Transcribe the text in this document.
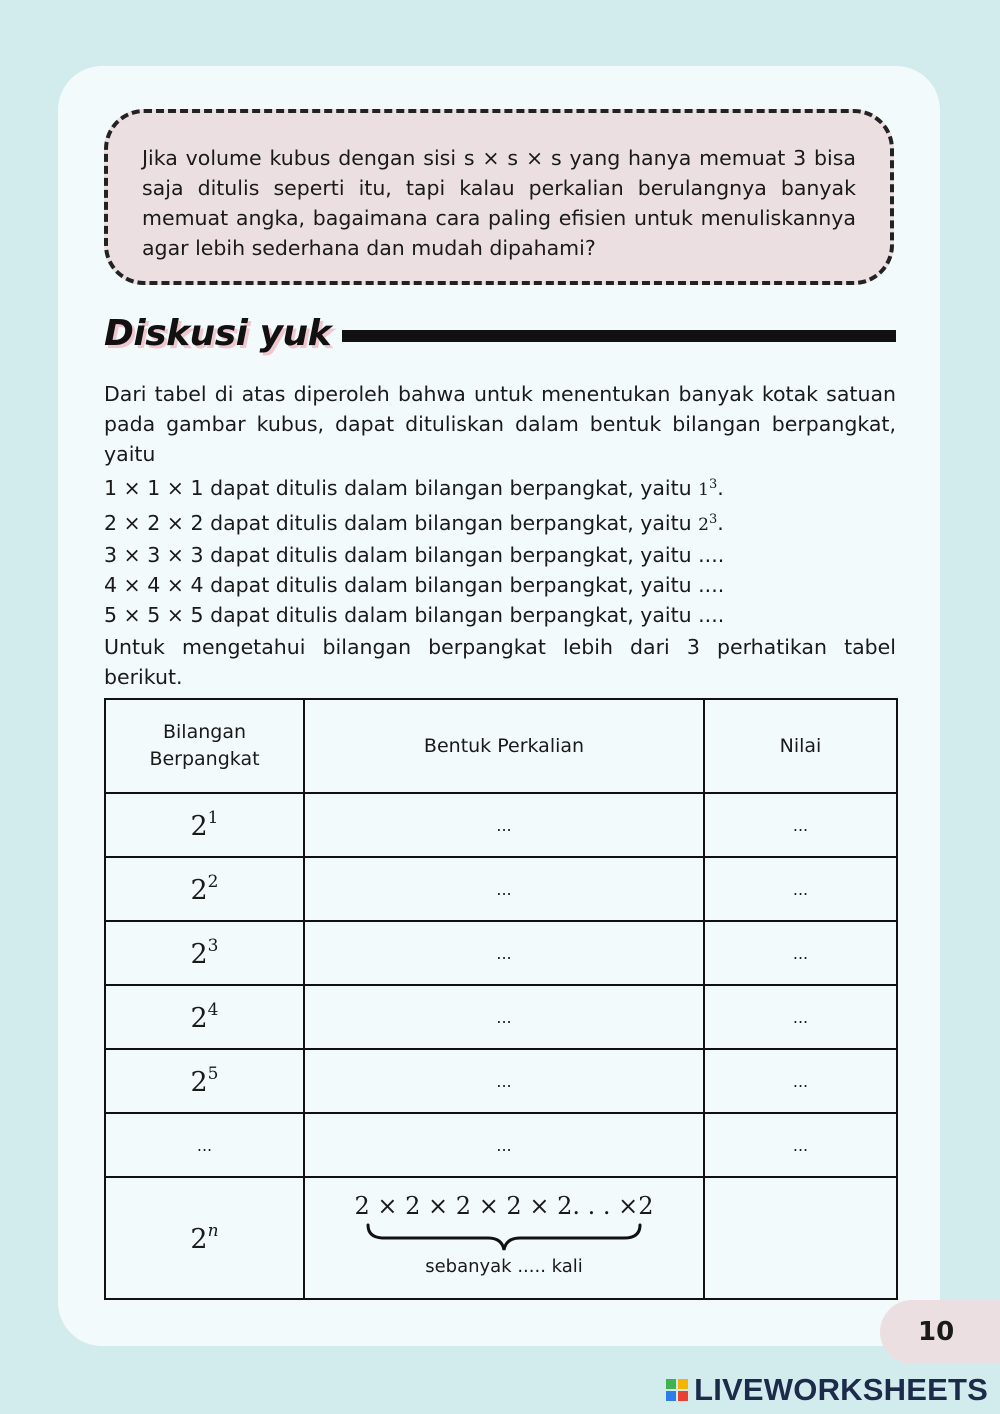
Jika volume kubus dengan sisi s × s × s yang hanya memuat 3 bisa saja ditulis seperti itu, tapi kalau perkalian berulangnya banyak memuat angka, bagaimana cara paling efisien untuk menuliskannya agar lebih sederhana dan mudah dipahami?
Diskusi yuk
Dari tabel di atas diperoleh bahwa untuk menentukan banyak kotak satuan pada gambar kubus, dapat dituliskan dalam bentuk bilangan berpangkat, yaitu
1 × 1 × 1 dapat ditulis dalam bilangan berpangkat, yaitu $1^3$.
2 × 2 × 2 dapat ditulis dalam bilangan berpangkat, yaitu $2^3$.
3 × 3 × 3 dapat ditulis dalam bilangan berpangkat, yaitu ....
4 × 4 × 4 dapat ditulis dalam bilangan berpangkat, yaitu ....
5 × 5 × 5 dapat ditulis dalam bilangan berpangkat, yaitu ....
Untuk mengetahui bilangan berpangkat lebih dari 3 perhatikan tabel berikut.
Bilangan Berpangkat	Bentuk Perkalian	Nilai
$2^1$	...	...
$2^2$	...	...
$2^3$	...	...
$2^4$	...	...
$2^5$	...	...
...	...	...
2$^n$	2 × 2 × 2 × 2 × 2. . . ×2
sebanyak ..... kali	

10
LIVEWORKSHEETS
